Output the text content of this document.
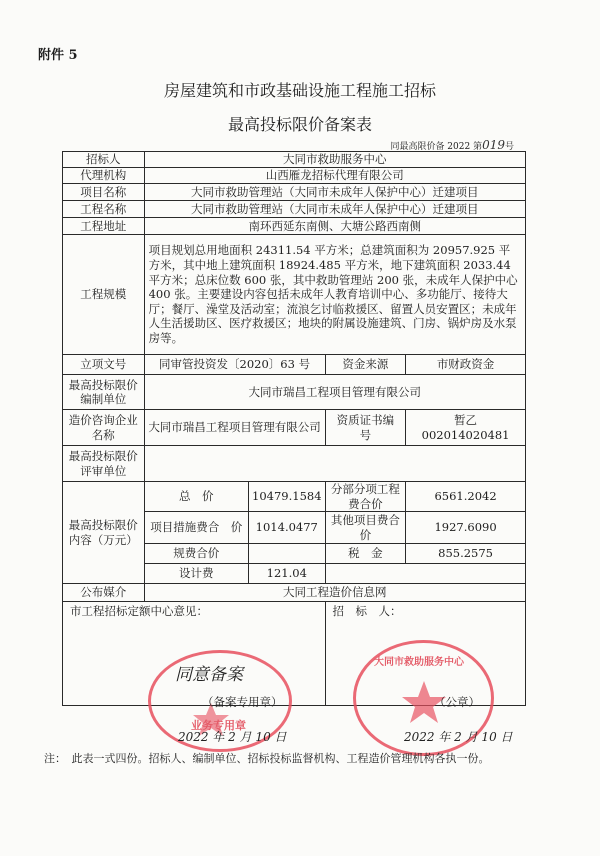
附件 5
房屋建筑和市政基础设施工程施工招标
最高投标限价备案表
同最高限价备 2022 第019号
招标人	大同市救助服务中心			
代理机构	山西雁龙招标代理有限公司			
项目名称	大同市救助管理站（大同市未成年人保护中心）迁建项目			
工程名称	大同市救助管理站（大同市未成年人保护中心）迁建项目			
工程地址	南环西延东南侧、大塘公路西南侧			
工程规模	项目规划总用地面积 24311.54 平方米；总建筑面积为 20957.925 平方米，其中地上建筑面积 18924.485 平方米，地下建筑面积 2033.44 平方米；总床位数 600 张，其中救助管理站 200 张，未成年人保护中心 400 张。主要建设内容包括未成年人教育培训中心、多功能厅、接待大厅；餐厅、澡堂及活动室；流浪乞讨临救援区、留置人员安置区；未成年人生活援助区、医疗救援区；地块的附属设施建筑、门房、锅炉房及水泵房等。			
立项文号	同审管投资发〔2020〕63 号		资金来源	市财政资金
最高投标限价编制单位	大同市瑞昌工程项目管理有限公司			
造价咨询企业名称	大同市瑞昌工程项目管理有限公司		资质证书编　号	暂乙 002014020481
最高投标限价评审单位				
最高投标限价内容（万元）	总　价	10479.1584	分部分项工程费合价	6561.2042
	项目措施费合　价	1014.0477	其他项目费合价	1927.6090
	规费合价		税　金	855.2575
	设计费	121.04		
公布媒介	大同工程造价信息网			

市工程招标定额中心意见：			招　标　人：	
业务专用章
同意备案
（备案专用章）
2022 年 2 月 10 日
大同市救助服务中心
（公章）
2022 年 2 月 10 日
注：　此表一式四份。招标人、编制单位、招标投标监督机构、工程造价管理机构各执一份。
